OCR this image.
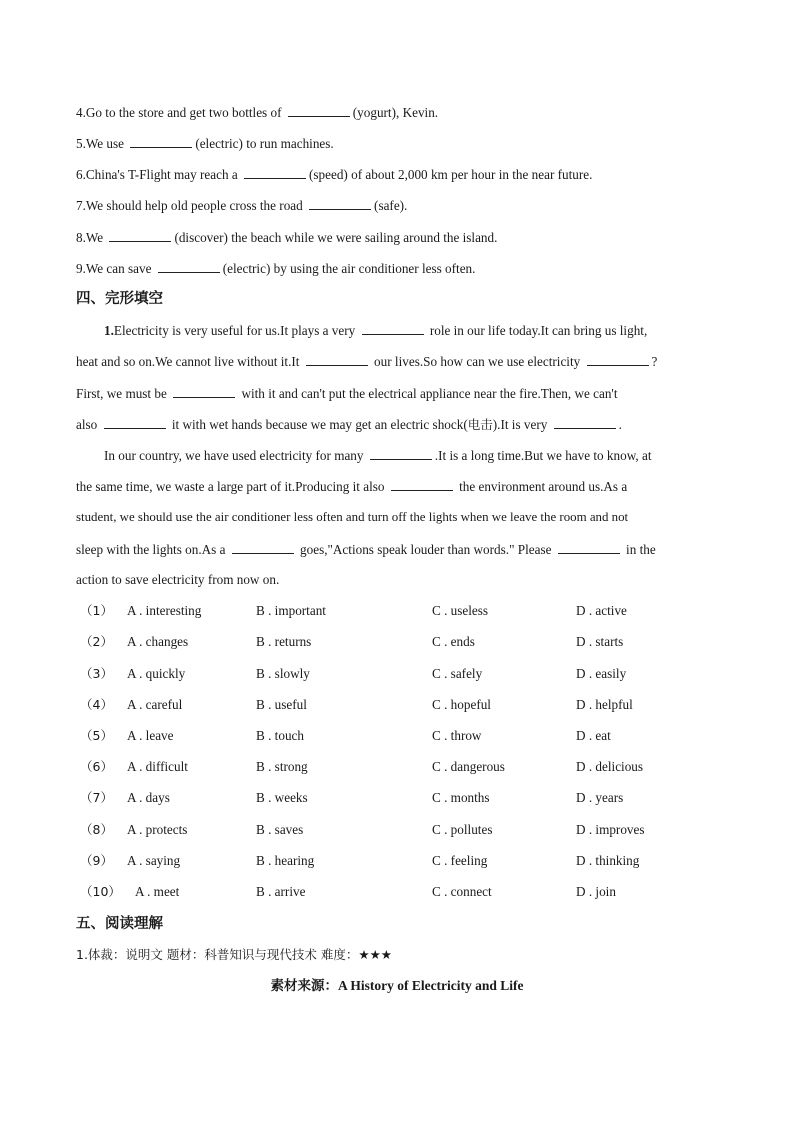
4.Go to the store and get two bottles of	(yogurt), Kevin.
5.We use	(electric) to run machines.
6.China's T-Flight may reach a	(speed) of about 2,000 km per hour in the near future.
7.We should help old people cross the road	(safe).
8.We	(discover) the beach while we were sailing around the island.
9.We can save	(electric) by using the air conditioner less often.
四、完形填空
1.Electricity is very useful for us.It plays a very	role in our life today.It can bring us light,
heat and so on.We cannot live without it.It	our lives.So how can we use electricity	?
First, we must be	with it and can't put the electrical appliance near the fire.Then, we can't
also	it with wet hands because we may get an electric shock(电击).It is very	.
In our country, we have used electricity for many	.It is a long time.But we have to know, at
the same time, we waste a large part of it.Producing it also	the environment around us.As a
student, we should use the air conditioner less often and turn off the lights when we leave the room and not
sleep with the lights on.As a	goes,"Actions speak louder than words." Please	in the
action to save electricity from now on.
（1） A . interesting	B . important	C . useless	D . active
（2） A . changes	B . returns	C . ends	D . starts
（3） A . quickly	B . slowly	C . safely	D . easily
（4） A . careful	B . useful	C . hopeful	D . helpful
（5） A . leave	B . touch	C . throw	D . eat
（6） A . difficult	B . strong	C . dangerous	D . delicious
（7） A . days	B . weeks	C . months	D . years
（8） A . protects	B . saves	C . pollutes	D . improves
（9） A . saying	B . hearing	C . feeling	D . thinking
（10） A . meet	B . arrive	C . connect	D . join
五、阅读理解
1.体裁：说明文 题材：科普知识与现代技术 难度：★★★
素材来源：A History of Electricity and Life
